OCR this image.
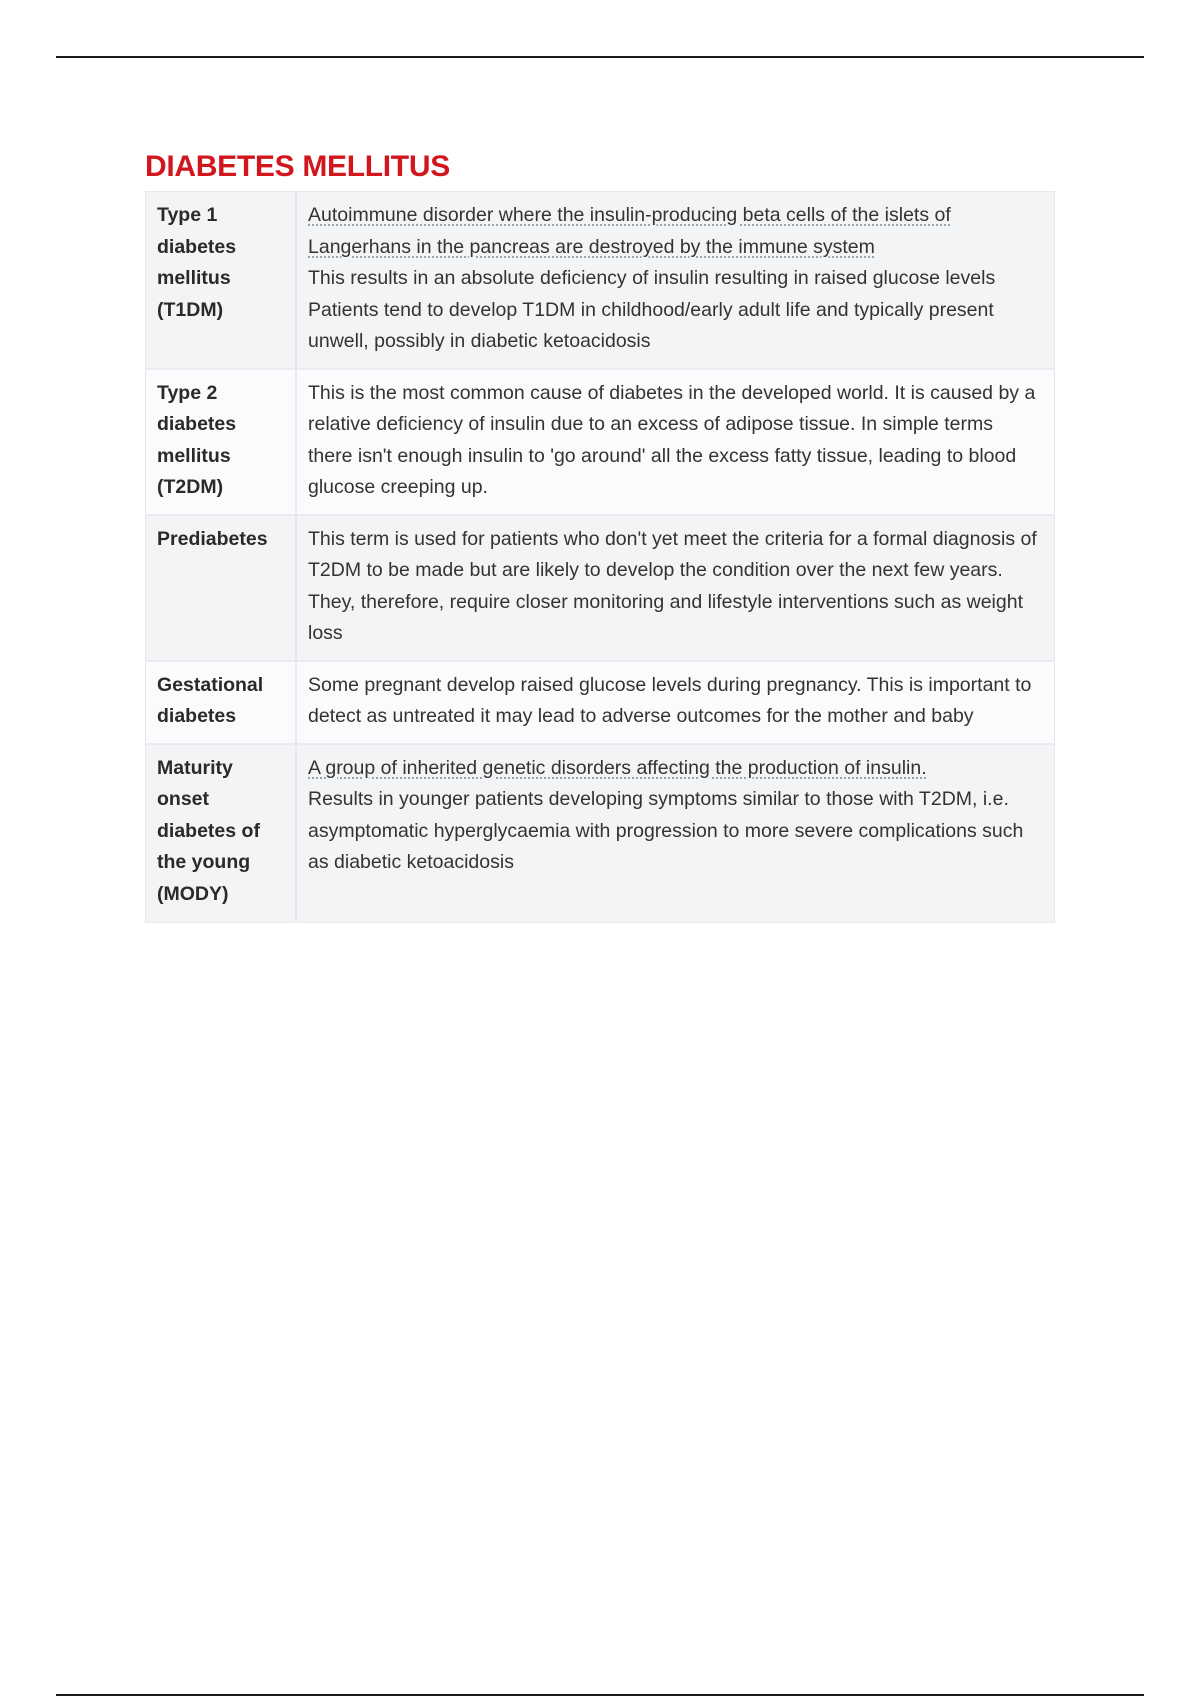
DIABETES MELLITUS
Type 1 diabetes mellitus (T1DM)	Autoimmune disorder where the insulin-producing beta cells of the islets of Langerhans in the pancreas are destroyed by the immune system
This results in an absolute deficiency of insulin resulting in raised glucose levels
Patients tend to develop T1DM in childhood/early adult life and typically present unwell, possibly in diabetic ketoacidosis

Type 2 diabetes mellitus (T2DM)	This is the most common cause of diabetes in the developed world. It is caused by a relative deficiency of insulin due to an excess of adipose tissue. In simple terms there isn't enough insulin to 'go around' all the excess fatty tissue, leading to blood glucose creeping up.

Prediabetes	This term is used for patients who don't yet meet the criteria for a formal diagnosis of T2DM to be made but are likely to develop the condition over the next few years. They, therefore, require closer monitoring and lifestyle interventions such as weight loss

Gestational diabetes	Some pregnant develop raised glucose levels during pregnancy. This is important to detect as untreated it may lead to adverse outcomes for the mother and baby

Maturity onset diabetes of the young (MODY)	A group of inherited genetic disorders affecting the production of insulin.
Results in younger patients developing symptoms similar to those with T2DM, i.e. asymptomatic hyperglycaemia with progression to more severe complications such as diabetic ketoacidosis
